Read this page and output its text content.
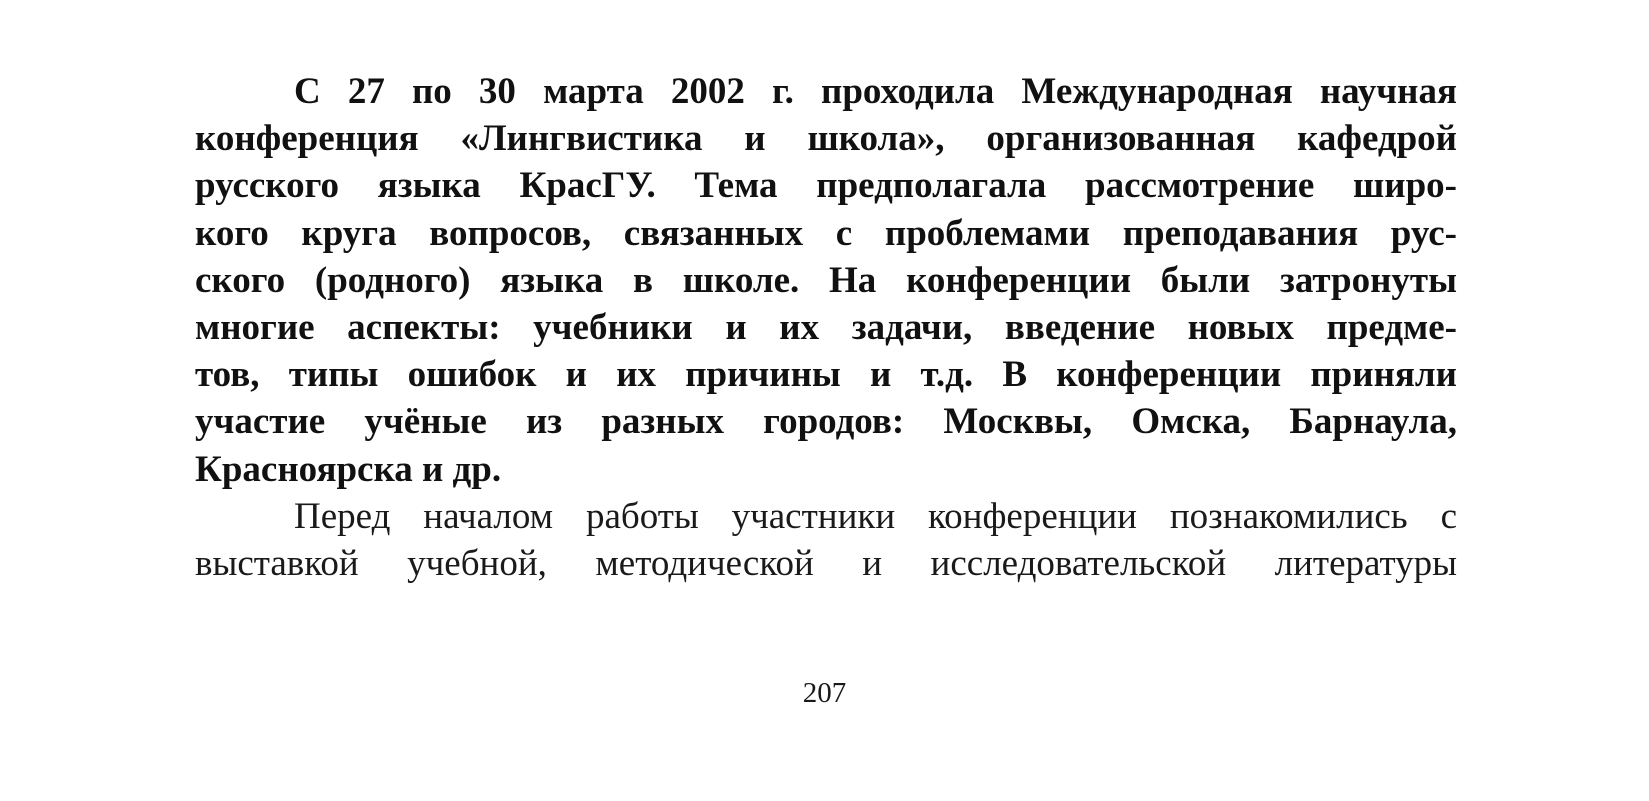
С 27 по 30 марта 2002 г. проходила Международная научная
конференция «Лингвистика и школа», организованная кафедрой
русского языка КрасГУ. Тема предполагала рассмотрение широ-
кого круга вопросов, связанных с проблемами преподавания рус-
ского (родного) языка в школе. На конференции были затронуты
многие аспекты: учебники и их задачи, введение новых предме-
тов, типы ошибок и их причины и т.д. В конференции приняли
участие учёные из разных городов: Москвы, Омска, Барнаула,
Красноярска и др.
Перед началом работы участники конференции познакомились с
выставкой учебной, методической и исследовательской литературы
207
